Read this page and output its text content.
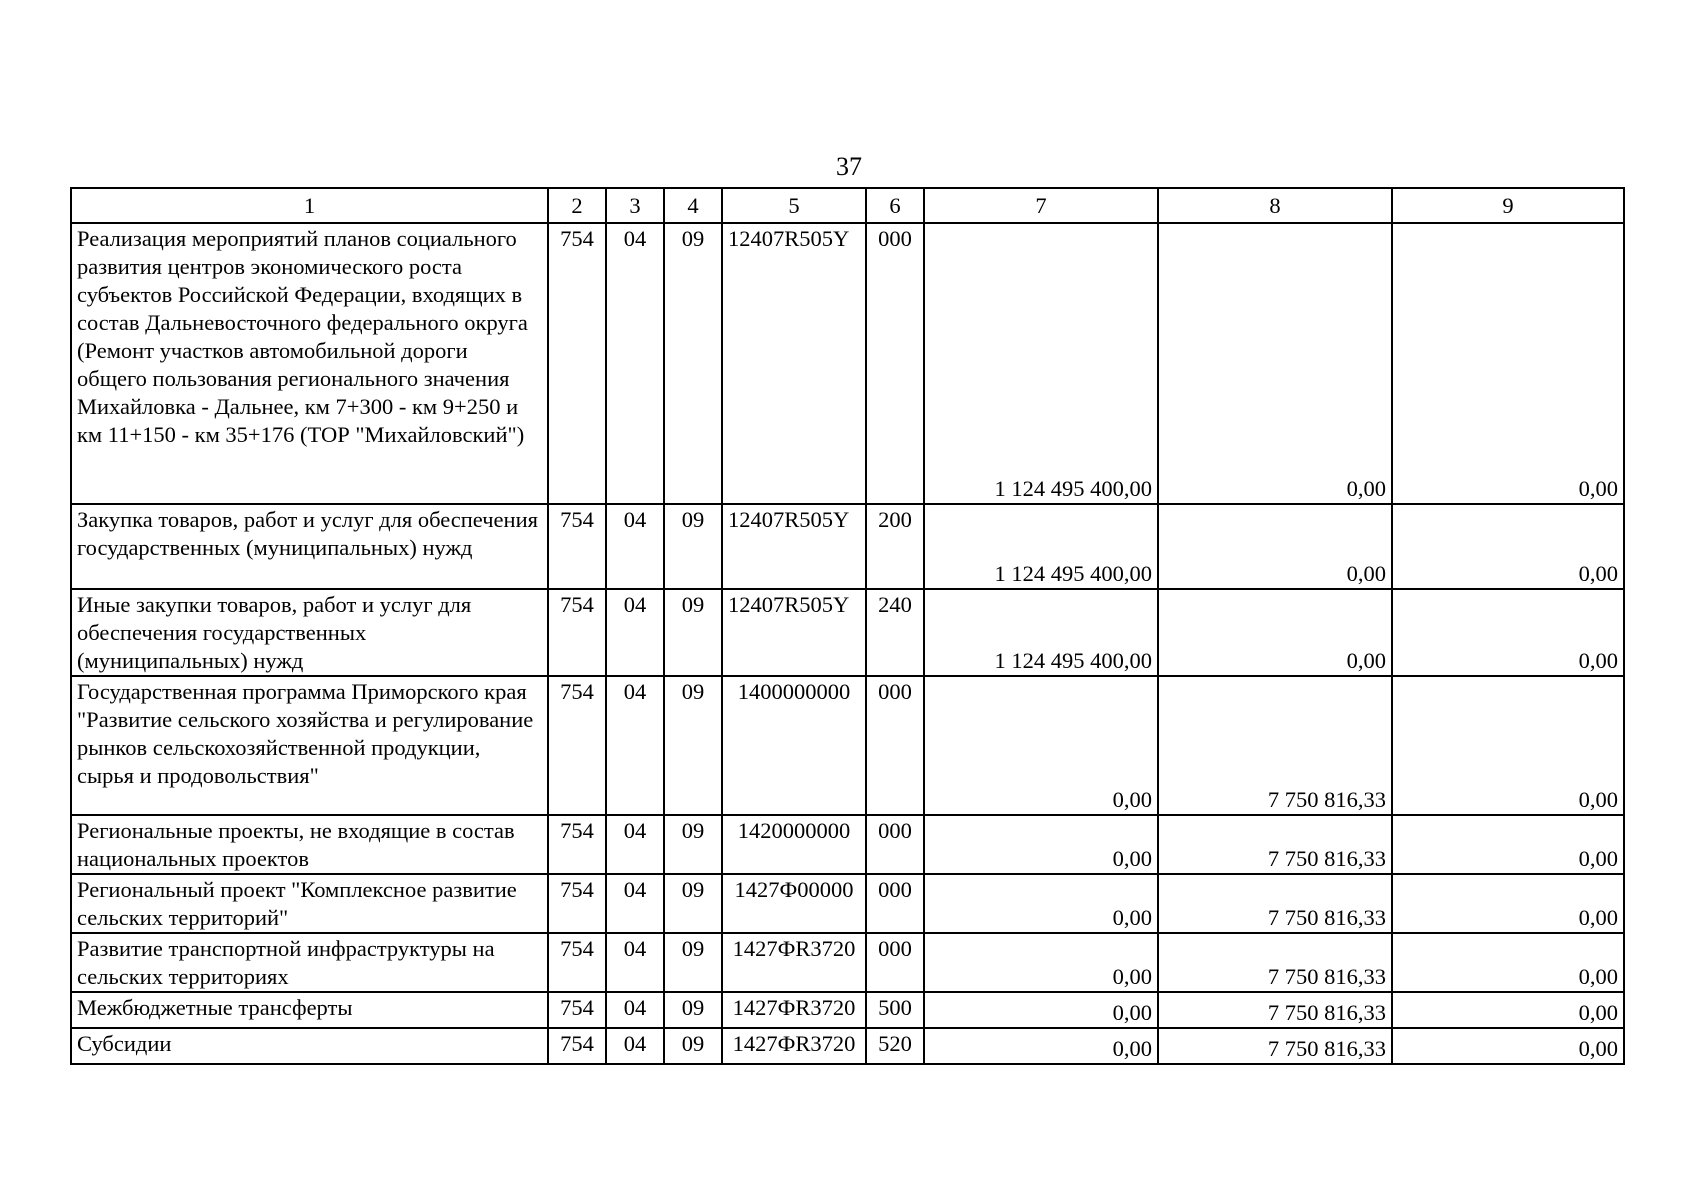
37
1	2	3	4	5	6	7	8	9
Реализация мероприятий планов социального развития центров экономического роста субъектов Российской Федерации, входящих в состав Дальневосточного федерального округа (Ремонт участков автомобильной дороги общего пользования регионального значения Михайловка - Дальнее, км 7+300 - км 9+250 и км 11+150 - км 35+176 (ТОР "Михайловский")	754	04	09	12407R505Y	000	1 124 495 400,00	0,00	0,00
Закупка товаров, работ и услуг для обеспечения государственных (муниципальных) нужд	754	04	09	12407R505Y	200	1 124 495 400,00	0,00	0,00
Иные закупки товаров, работ и услуг для обеспечения государственных (муниципальных) нужд	754	04	09	12407R505Y	240	1 124 495 400,00	0,00	0,00
Государственная программа Приморского края "Развитие сельского хозяйства и регулирование рынков сельскохозяйственной продукции, сырья и продовольствия"	754	04	09	1400000000	000	0,00	7 750 816,33	0,00
Региональные проекты, не входящие в состав национальных проектов	754	04	09	1420000000	000	0,00	7 750 816,33	0,00
Региональный проект "Комплексное развитие сельских территорий"	754	04	09	1427Ф00000	000	0,00	7 750 816,33	0,00
Развитие транспортной инфраструктуры на сельских территориях	754	04	09	1427ФR3720	000	0,00	7 750 816,33	0,00
Межбюджетные трансферты	754	04	09	1427ФR3720	500	0,00	7 750 816,33	0,00
Субсидии	754	04	09	1427ФR3720	520	0,00	7 750 816,33	0,00
